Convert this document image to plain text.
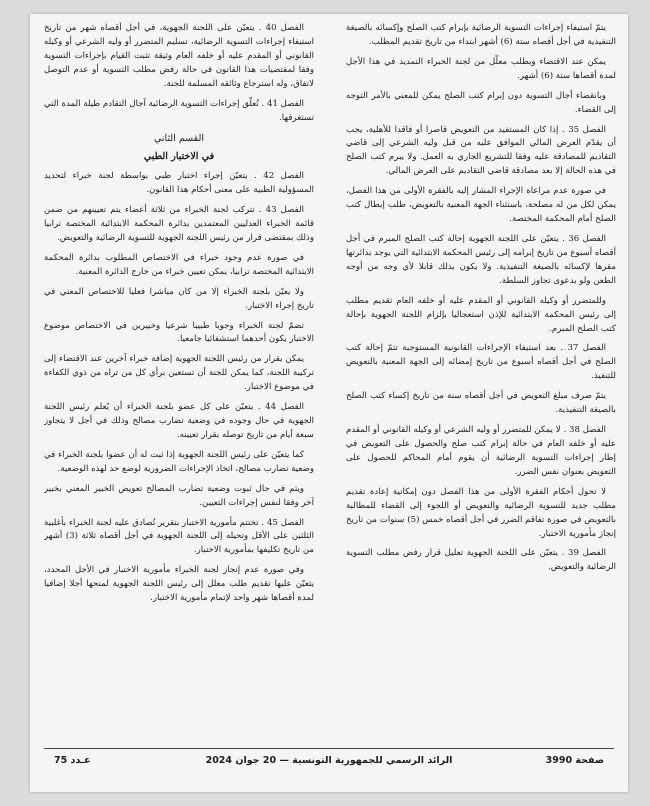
يتمّ استيفاء إجراءات التسوية الرضائية بإبرام كتب الصلح وإكسائه بالصيغة التنفيذية في أجل أقصاه ستة (6) أشهر ابتداء من تاريخ تقديم المطلب.

يمكن عند الاقتضاء وبطلب معلّل من لجنة الخبراء التمديد في هذا الأجل لمدة أقصاها ستة (6) أشهر.

وبانقضاء أجال التسوية دون إبرام كتب الصلح يمكن للمعني بالأمر التوجه إلى القضاء.

الفصل 35 . إذا كان المستفيد من التعويض قاصرا أو فاقدا للأهلية، يجب أن يقدّم العرض المالي الموافق عليه من قبل وليه الشرعي إلى قاضي التقاديم للمصادقة عليه وفقا للتشريع الجاري به العمل. ولا يبرم كتب الصلح في هذه الحالة إلا بعد مصادقة قاضي التقاديم على العرض المالي.

في صورة عدم مراعاة الإجراء المشار إليه بالفقرة الأولى من هذا الفصل، يمكن لكل من له مصلحة، باستثناء الجهة المعنية بالتعويض، طلب إبطال كتب الصلح أمام المحكمة المختصة.

الفصل 36 . يتعيّن على اللجنة الجهوية إحالة كتب الصلح المبرم في أجل أقصاه أسبوع من تاريخ إبرامه إلى رئيس المحكمة الابتدائية التي يوجد بدائرتها مقرها لإكسائه بالصيغة التنفيذية. ولا يكون بذلك قابلا لأي وجه من أوجه الطعن ولو بدعوى تجاوز السلطة.

وللمتضرر أو وكيله القانوني أو المقدم عليه أو خلفه العام تقديم مطلب إلى رئيس المحكمة الابتدائية للإذن استعجاليا بإلزام اللجنة الجهوية بإحالة كتب الصلح المبرم.

الفصل 37 . بعد استيفاء الإجراءات القانونية المستوجبة تتمّ إحالة كتب الصلح في أجل أقصاه أسبوع من تاريخ إمضائه إلى الجهة المعنية بالتعويض للتنفيذ.

يتمّ صرف مبلغ التعويض في أجل أقصاه سنة من تاريخ إكساء كتب الصلح بالصيغة التنفيذية.

الفصل 38 . لا يمكن للمتضرر أو وليه الشرعي أو وكيله القانوني أو المقدم عليه أو خلفه العام في حالة إبرام كتب صلح والحصول على التعويض في إطار إجراءات التسوية الرضائية أن يقوم أمام المحاكم للحصول على التعويض بعنوان نفس الضرر.

لا تحول أحكام الفقرة الأولى من هذا الفصل دون إمكانية إعادة تقديم مطلب جديد للتسوية الرضائية والتعويض أو اللجوء إلى القضاء للمطالبة بالتعويض في صورة تفاقم الضرر في أجل أقصاه خمس (5) سنوات من تاريخ إنجاز مأمورية الاختبار.

الفصل 39 . يتعيّن على اللجنة الجهوية تعليل قرار رفض مطلب التسوية الرضائية والتعويض.

الفصل 40 . يتعيّن على اللجنة الجهوية، في أجل أقصاه شهر من تاريخ استيفاء إجراءات التسوية الرضائية، تسليم المتضرر أو وليه الشرعي أو وكيله القانوني أو المقدم عليه أو خلفه العام وثيقة تثبت القيام بإجراءات التسوية وفقا لمقتضيات هذا القانون في حالة رفض مطلب التسوية أو عدم التوصل لاتفاق، وله استرجاع وثائقه المسلمة للجنة.

الفصل 41 . تُعلّق إجراءات التسوية الرضائية آجال التقادم طيلة المدة التي تستغرقها.

القسم الثاني
في الاختبار الطبي

الفصل 42 . يتعيّن إجراء اختبار طبي بواسطة لجنة خبراء لتحديد المسؤولية الطبية على معنى أحكام هذا القانون.

الفصل 43 . تتركب لجنة الخبراء من ثلاثة أعضاء يتم تعيينهم من ضمن قائمة الخبراء العدليين المعتمدين بدائرة المحكمة الابتدائية المختصة ترابيا وذلك بمقتضى قرار من رئيس اللجنة الجهوية للتسوية الرضائية والتعويض.

في صورة عدم وجود خبراء في الاختصاص المطلوب بدائرة المحكمة الابتدائية المختصة ترابيا، يمكن تعيين خبراء من خارج الدائرة المعنية.

ولا يعيّن بلجنة الخبراء إلا من كان مباشرا فعليا للاختصاص المعني في تاريخ إجراء الاختبار.

تضمّ لجنة الخبراء وجوبا طبيبا شرعيا وخبيرين في الاختصاص موضوع الاختبار يكون أحدهما استشفائيا جامعيا.

يمكن بقرار من رئيس اللجنة الجهوية إضافة خبراء آخرين عند الاقتضاء إلى تركيبة اللجنة، كما يمكن للجنة أن تستعين برأي كل من تراه من ذوي الكفاءة في موضوع الاختبار.

الفصل 44 . يتعيّن على كل عضو بلجنة الخبراء أن يُعلم رئيس اللجنة الجهوية في حال وجوده في وضعية تضارب مصالح وذلك في أجل لا يتجاوز سبعة أيام من تاريخ توصله بقرار تعيينه.

كما يتعيّن على رئيس اللجنة الجهوية إذا ثبت له أن عضوا بلجنة الخبراء في وضعية تضارب مصالح، اتخاذ الإجراءات الضرورية لوضع حد لهذه الوضعية.

ويتم في حال ثبوت وضعية تضارب المصالح تعويض الخبير المعني بخبير آخر وفقا لنفس إجراءات التعيين.

الفصل 45 . تختتم مأمورية الاختبار بتقرير تُصادق عليه لجنة الخبراء بأغلبية الثلثين على الأقل وتحيله إلى اللجنة الجهوية في أجل أقصاه ثلاثة (3) أشهر من تاريخ تكليفها بمأمورية الاختبار.

وفي صورة عدم إنجاز لجنة الخبراء مأمورية الاختبار في الأجل المحدد، يتعيّن عليها تقديم طلب معلل إلى رئيس اللجنة الجهوية لمنحها أجلا إضافيا لمدة أقصاها شهر واحد لإتمام مأمورية الاختبار.

صفحة 3990
الرائد الرسمي للجمهورية التونسية — 20 جوان 2024
عـدد 75
